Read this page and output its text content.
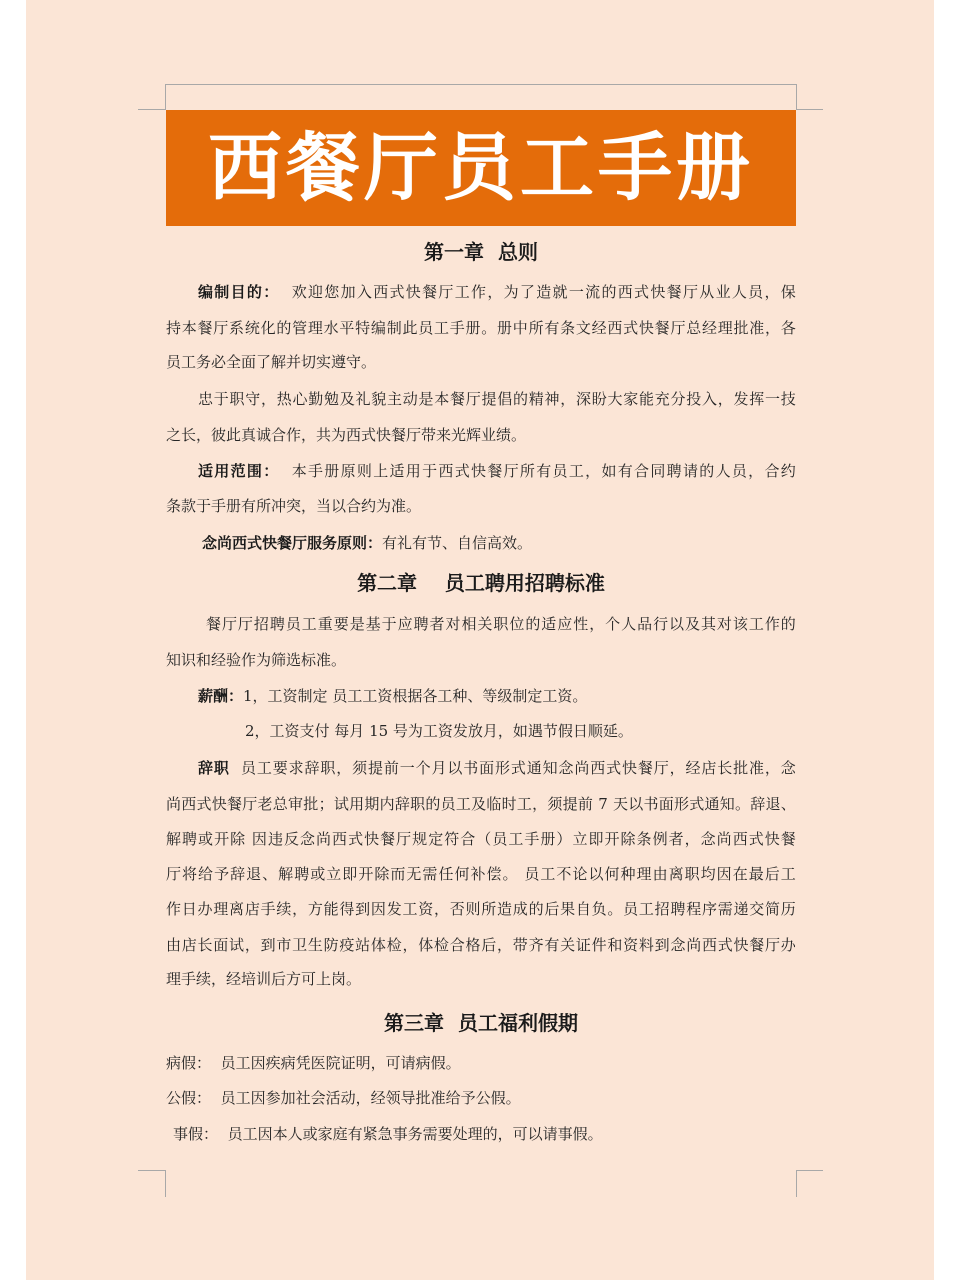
西餐厅员工手册
第一章  总则
编制目的： 欢迎您加入西式快餐厅工作，为了造就一流的西式快餐厅从业人员，保
持本餐厅系统化的管理水平特编制此员工手册。册中所有条文经西式快餐厅总经理批准，各
员工务必全面了解并切实遵守。
忠于职守，热心勤勉及礼貌主动是本餐厅提倡的精神，深盼大家能充分投入，发挥一技
之长，彼此真诚合作，共为西式快餐厅带来光辉业绩。
适用范围： 本手册原则上适用于西式快餐厅所有员工，如有合同聘请的人员，合约
条款于手册有所冲突，当以合约为准。
念尚西式快餐厅服务原则：有礼有节、自信高效。
第二章    员工聘用招聘标准
餐厅厅招聘员工重要是基于应聘者对相关职位的适应性，个人品行以及其对该工作的
知识和经验作为筛选标准。
薪酬：1，工资制定 员工工资根据各工种、等级制定工资。
2，工资支付 每月 15 号为工资发放月，如遇节假日顺延。
辞职 员工要求辞职，须提前一个月以书面形式通知念尚西式快餐厅，经店长批准，念
尚西式快餐厅老总审批；试用期内辞职的员工及临时工，须提前 7 天以书面形式通知。辞退、
解聘或开除 因违反念尚西式快餐厅规定符合（员工手册）立即开除条例者，念尚西式快餐
厅将给予辞退、解聘或立即开除而无需任何补偿。 员工不论以何种理由离职均因在最后工
作日办理离店手续，方能得到因发工资，否则所造成的后果自负。员工招聘程序需递交简历
由店长面试，到市卫生防疫站体检，体检合格后，带齐有关证件和资料到念尚西式快餐厅办
理手续，经培训后方可上岗。
第三章  员工福利假期
病假： 员工因疾病凭医院证明，可请病假。
公假： 员工因参加社会活动，经领导批准给予公假。
事假： 员工因本人或家庭有紧急事务需要处理的，可以请事假。
